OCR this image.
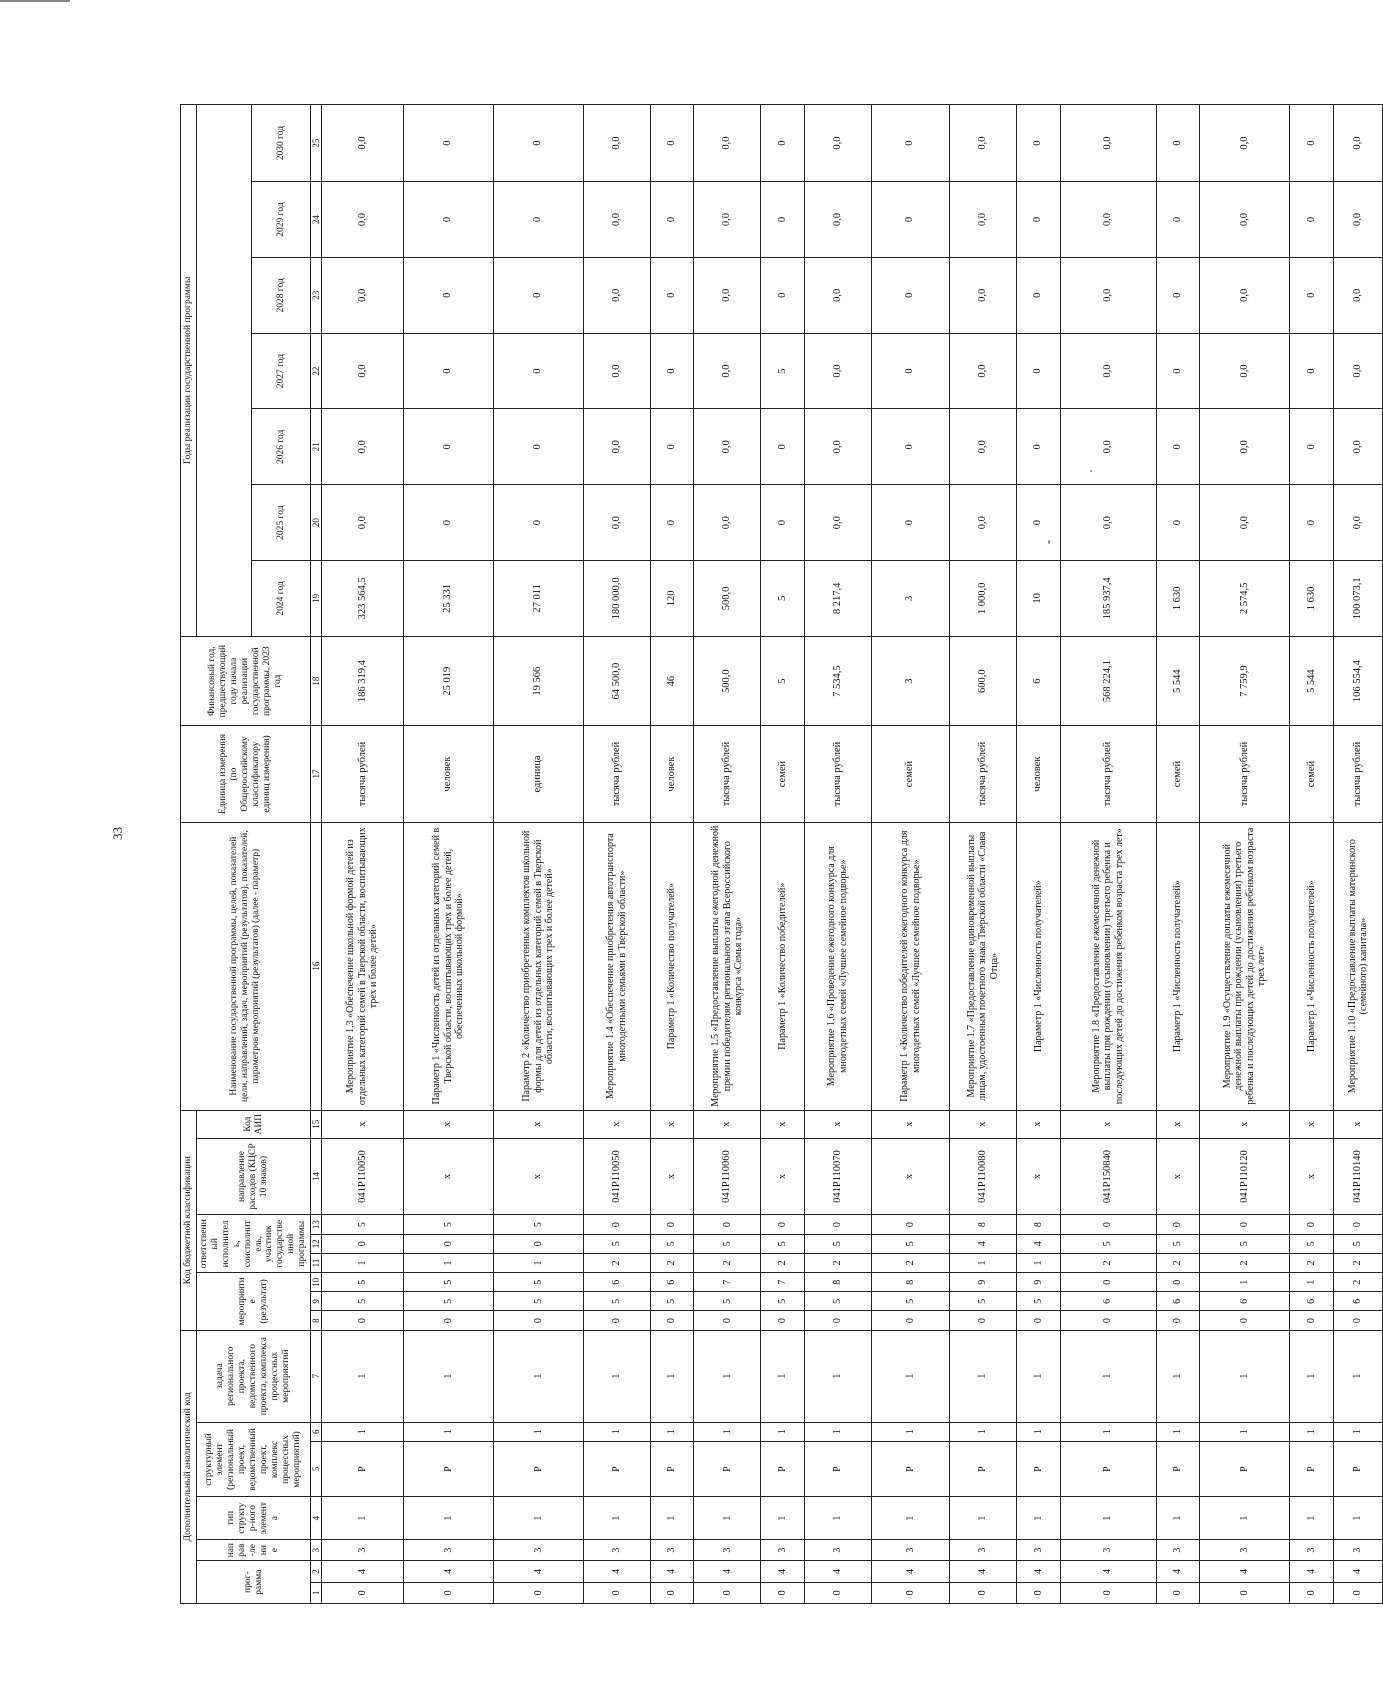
33
Дополнительный аналитический код							Код бюджетной классификации								Наименование государственной программы, целей, показателей цели, направлений, задач, мероприятий (результатов), показателей, параметров мероприятий (результатов) (далее - параметр)	Единица измерения (по Общероссийскому классификатору единиц измерения)	Финансовый год, предшествующий году начала реализации государственной программы, 2023 год	Годы реализации государственной программы						
прог-рамма		направ-ление	тип структур-ного элемента	структурный элемент (региональный проект, ведомственный проект, комплекс процессных мероприятий)		задача регионального проекта, ведомственного проекта, комплекса процессных мероприятий	мероприятие (результат)			ответственный исполнитель, соисполнитель, участник государственной программы			направление расходов (КЦСР 10 знаков)	Код АИП										
																		2024 год	2025 год	2026 год	2027 год	2028 год	2029 год	2030 год
1	2	3	4	5	6	7	8	9	10	11	12	13	14	15	16	17	18	19	20	21	22	23	24	25
0	4	3	1	Р	1	1	0	5	5	1	0	5	041Р110050	x	Мероприятие 1.3 «Обеспечение школьной формой детей из отдельных категорий семей в Тверской области, воспитывающих трех и более детей»	тысяча рублей	186 319,4	323 564,5	0,0	0,0	0,0	0,0	0,0	0,0
0	4	3	1	Р	1	1	0	5	5	1	0	5	x	x	Параметр 1 «Численность детей из отдельных категорий семей в Тверской области, воспитывающих трех и более детей, обеспеченных школьной формой»	человек	25 019	25 331	0	0	0	0	0	0
0	4	3	1	Р	1	1	0	5	5	1	0	5	x	x	Параметр 2 «Количество приобретенных комплектов школьной формы для детей из отдельных категорий семей в Тверской области, воспитывающих трех и более детей»	единица	19 566	27 011	0	0	0	0	0	0
0	4	3	1	Р	1	1	0	5	6	2	5	0	041Р110050	x	Мероприятие 1.4 «Обеспечение приобретения автотранспорта многодетными семьями в Тверской области»	тысяча рублей	64 500,0	180 000,0	0,0	0,0	0,0	0,0	0,0	0,0
0	4	3	1	Р	1	1	0	5	6	2	5	0	x	x	Параметр 1 «Количество получателей»	человек	46	120	0	0	0	0	0	0
0	4	3	1	Р	1	1	0	5	7	2	5	0	041Р110060	x	Мероприятие 1.5 «Предоставление выплаты ежегодной денежной премии победителям регионального этапа Всероссийского конкурса «Семья года»	тысяча рублей	500,0	500,0	0,0	0,0	0,0	0,0	0,0	0,0
0	4	3	1	Р	1	1	0	5	7	2	5	0	x	x	Параметр 1 «Количество победителей»	семей	5	5	0	0	5	0	0	0
0	4	3	1	Р	1	1	0	5	8	2	5	0	041Р110070	x	Мероприятие 1.6 «Проведение ежегодного конкурса для многодетных семей «Лучшее семейное подворье»	тысяча рублей	7 534,5	8 217,4	0,0	0,0	0,0	0,0	0,0	0,0
0	4	3	1	Р	1	1	0	5	8	2	5	0	x	x	Параметр 1 «Количество победителей ежегодного конкурса для многодетных семей «Лучшее семейное подворье»	семей	3	3	0	0	0	0	0	0
0	4	3	1	Р	1	1	0	5	9	1	4	8	041Р110080	x	Мероприятие 1.7 «Предоставление единовременной выплаты лицам, удостоенным почетного знака Тверской области «Слава Отца»	тысяча рублей	600,0	1 000,0	0,0	0,0	0,0	0,0	0,0	0,0
0	4	3	1	Р	1	1	0	5	9	1	4	8	x	x	Параметр 1 «Численность получателей»	человек	6	10	0	0	0	0	0	0
0	4	3	1	Р	1	1	0	6	0	2	5	0	041Р150840	x	Мероприятие 1.8 «Предоставление ежемесячной денежной выплаты при рождении (усыновлении) третьего ребенка и последующих детей до достижения ребенком возраста трех лет»	тысяча рублей	568 224,1	185 937,4	0,0	0,0	0,0	0,0	0,0	0,0
0	4	3	1	Р	1	1	0	6	0	2	5	0	x	x	Параметр 1 «Численность получателей»	семей	5 544	1 630	0	0	0	0	0	0
0	4	3	1	Р	1	1	0	6	1	2	5	0	041Р110120	x	Мероприятие 1.9 «Осуществление доплаты ежемесячной денежной выплаты при рождении (усыновлении) третьего ребенка и последующих детей до достижения ребенком возраста трех лет»	тысяча рублей	7 759,9	2 574,5	0,0	0,0	0,0	0,0	0,0	0,0
0	4	3	1	Р	1	1	0	6	1	2	5	0	x	x	Параметр 1 «Численность получателей»	семей	5 544	1 630	0	0	0	0	0	0
0	4	3	1	Р	1	1	0	6	2	2	5	0	041Р110140	x	Мероприятие 1.10 «Предоставление выплаты материнского (семейного) капитала»	тысяча рублей	106 554,4	100 073,1	0,0	0,0	0,0	0,0	0,0	0,0
